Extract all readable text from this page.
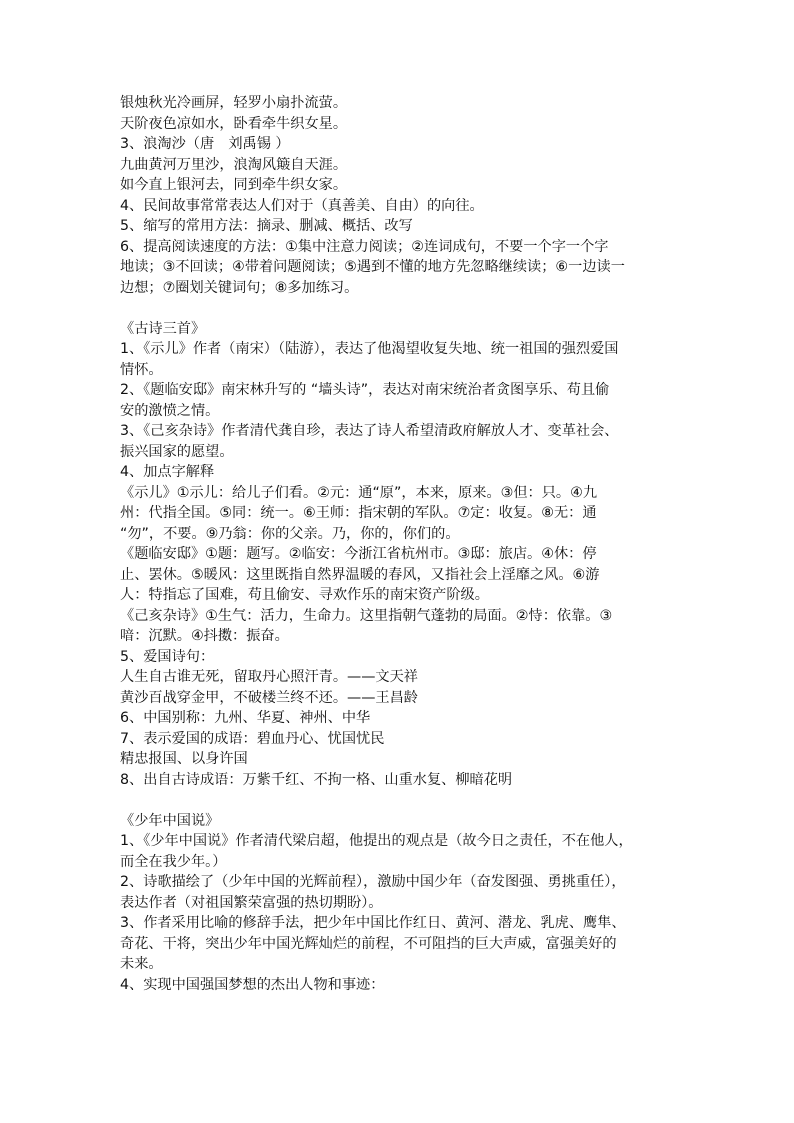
银烛秋光冷画屏，轻罗小扇扑流萤。
天阶夜色凉如水，卧看牵牛织女星。
3、浪淘沙（唐　刘禹锡 ）
九曲黄河万里沙，浪淘风簸自天涯。
如今直上银河去，同到牵牛织女家。
4、民间故事常常表达人们对于（真善美、自由）的向往。
5、缩写的常用方法：摘录、删减、概括、改写
6、提高阅读速度的方法：①集中注意力阅读；②连词成句，不要一个字一个字
地读；③不回读；④带着问题阅读；⑤遇到不懂的地方先忽略继续读；⑥一边读一
边想；⑦圈划关键词句；⑧多加练习。
《古诗三首》
1、《示儿》作者（南宋）（陆游），表达了他渴望收复失地、统一祖国的强烈爱国
情怀。
2、《题临安邸》南宋林升写的 “墙头诗”，表达对南宋统治者贪图享乐、苟且偷
安的激愤之情。
3、《己亥杂诗》作者清代龚自珍，表达了诗人希望清政府解放人才、变革社会、
振兴国家的愿望。
4、加点字解释
《示儿》①示儿：给儿子们看。②元：通“原”，本来，原来。③但：只。④九
州：代指全国。⑤同：统一。⑥王师：指宋朝的军队。⑦定：收复。⑧无：通
“勿”，不要。⑨乃翁：你的父亲。乃，你的，你们的。
《题临安邸》①题：题写。②临安：今浙江省杭州市。③邸：旅店。④休：停
止、罢休。⑤暖风：这里既指自然界温暖的春风，又指社会上淫靡之风。⑥游
人：特指忘了国难，苟且偷安、寻欢作乐的南宋资产阶级。
《己亥杂诗》①生气：活力，生命力。这里指朝气蓬勃的局面。②恃：依靠。③
喑：沉默。④抖擞：振奋。
5、爱国诗句：
人生自古谁无死，留取丹心照汗青。——文天祥
黄沙百战穿金甲，不破楼兰终不还。——王昌龄
6、中国别称：九州、华夏、神州、中华
7、表示爱国的成语：碧血丹心、忧国忧民
精忠报国、以身许国
8、出自古诗成语：万紫千红、不拘一格、山重水复、柳暗花明
《少年中国说》
1、《少年中国说》作者清代梁启超，他提出的观点是（故今日之责任，不在他人，
而全在我少年。）
2、诗歌描绘了（少年中国的光辉前程），激励中国少年（奋发图强、勇挑重任），
表达作者（对祖国繁荣富强的热切期盼）。
3、作者采用比喻的修辞手法，把少年中国比作红日、黄河、潜龙、乳虎、鹰隼、
奇花、干将，突出少年中国光辉灿烂的前程，不可阻挡的巨大声威，富强美好的
未来。
4、实现中国强国梦想的杰出人物和事迹：
